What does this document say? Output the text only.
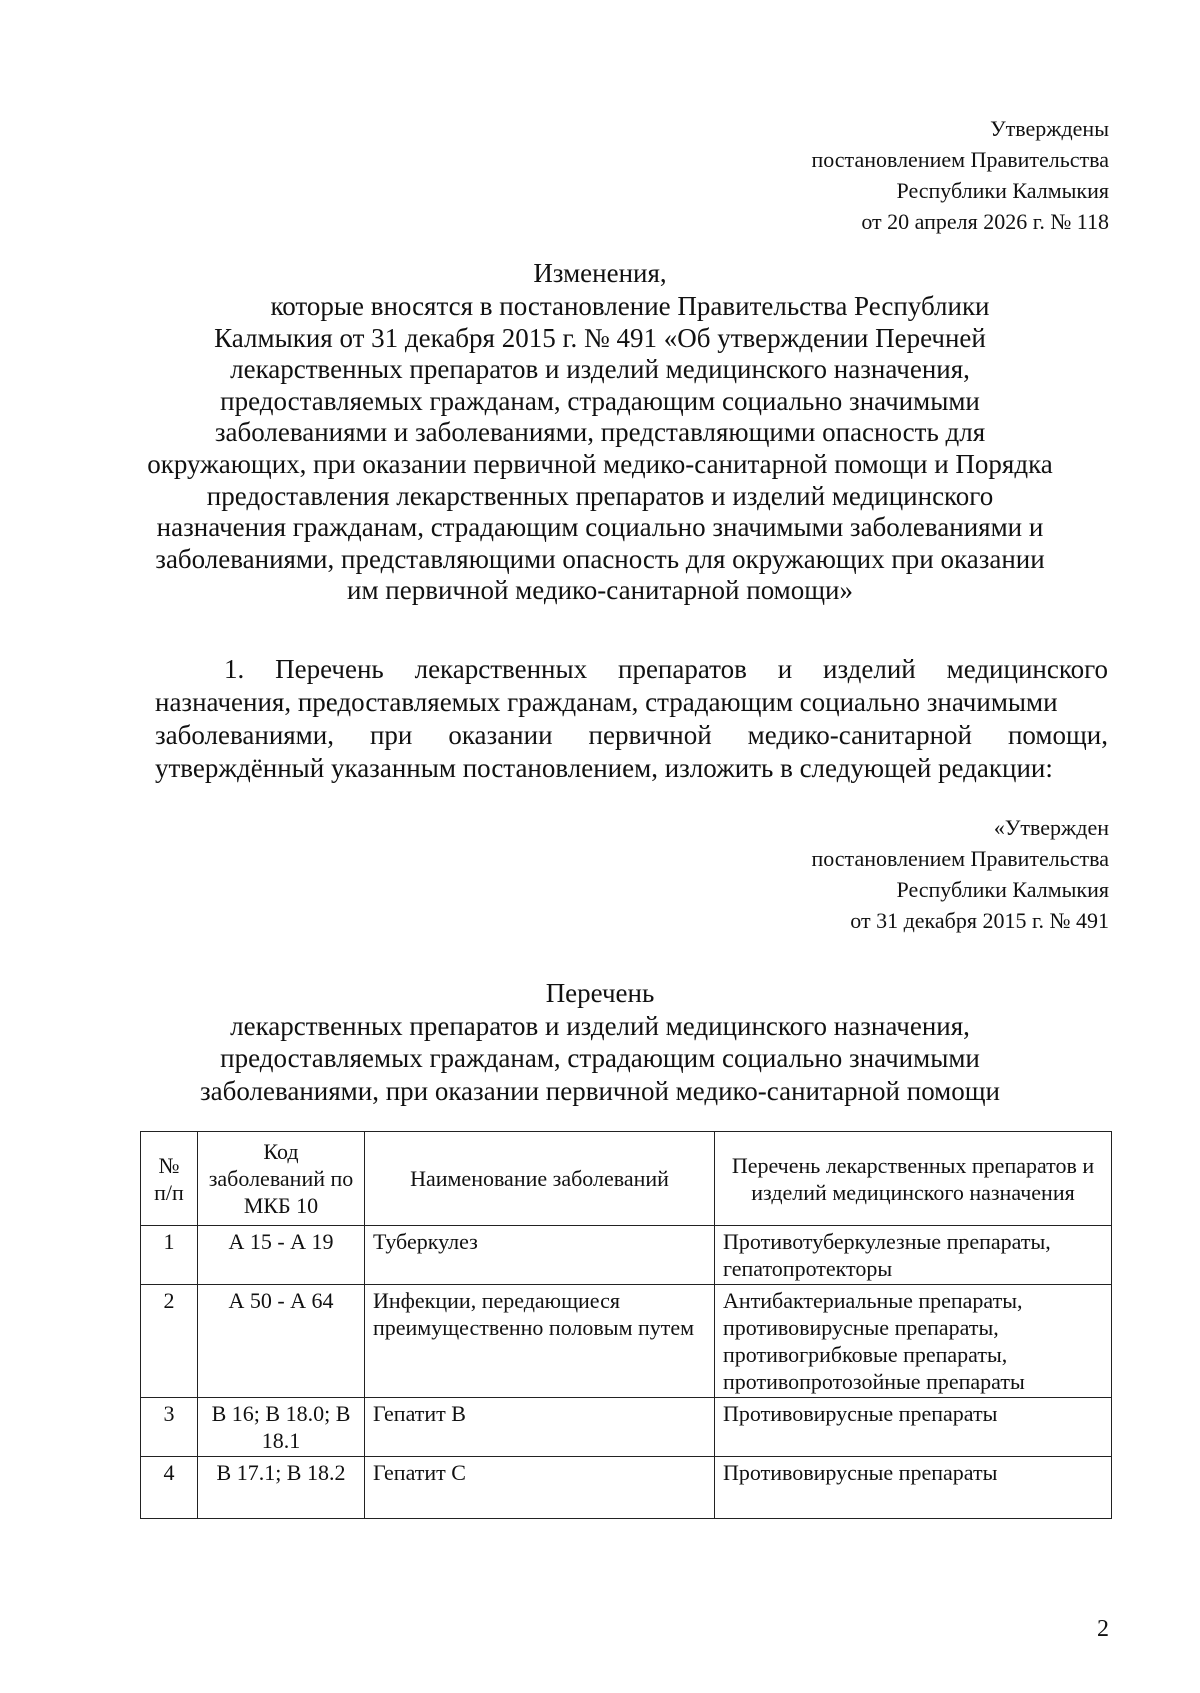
Утверждены
постановлением Правительства
Республики Калмыкия
от 20 апреля 2026 г. № 118
Изменения,
которые вносятся в постановление Правительства Республики
Калмыкия от 31 декабря 2015 г. № 491 «Об утверждении Перечней
лекарственных препаратов и изделий медицинского назначения,
предоставляемых гражданам, страдающим социально значимыми
заболеваниями и заболеваниями, представляющими опасность для
окружающих, при оказании первичной медико-санитарной помощи и Порядка
предоставления лекарственных препаратов и изделий медицинского
назначения гражданам, страдающим социально значимыми заболеваниями и
заболеваниями, представляющими опасность для окружающих при оказании
им первичной медико-санитарной помощи»
1. Перечень лекарственных препаратов и изделий медицинского
назначения, предоставляемых гражданам, страдающим социально значимыми
заболеваниями, при оказании первичной медико-санитарной помощи,
утверждённый указанным постановлением, изложить в следующей редакции:
«Утвержден
постановлением Правительства
Республики Калмыкия
от 31 декабря 2015 г. № 491
Перечень
лекарственных препаратов и изделий медицинского назначения,
предоставляемых гражданам, страдающим социально значимыми
заболеваниями, при оказании первичной медико-санитарной помощи
№ п/п	Код заболеваний по МКБ 10	Наименование заболеваний	Перечень лекарственных препаратов и изделий медицинского назначения
1	А 15 - А 19	Туберкулез	Противотуберкулезные препараты, гепатопротекторы
2	А 50 - А 64	Инфекции, передающиеся преимущественно половым путем	Антибактериальные препараты, противовирусные препараты, противогрибковые препараты, противопротозойные препараты
3	В 16; В 18.0; В 18.1	Гепатит В	Противовирусные препараты
4	В 17.1; В 18.2	Гепатит С	Противовирусные препараты
2
